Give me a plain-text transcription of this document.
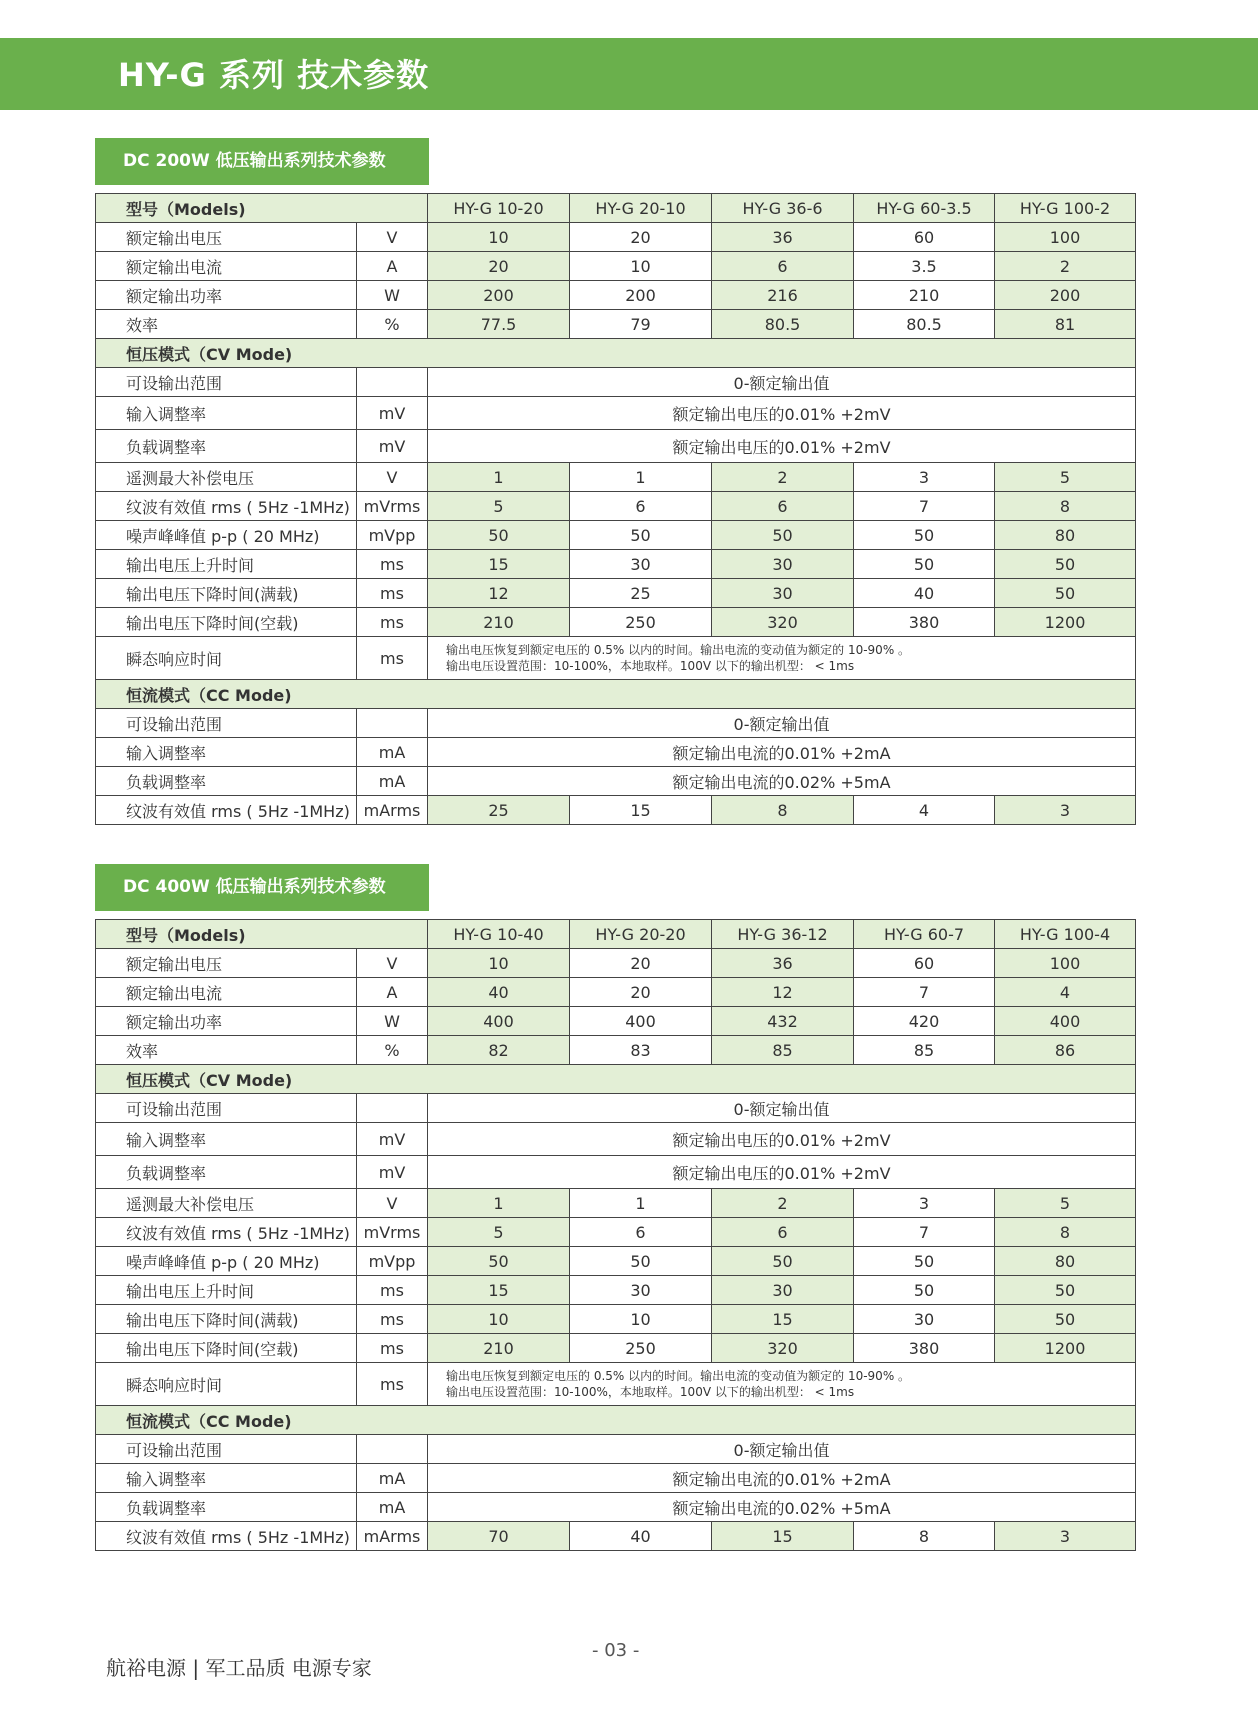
HY-G 系列 技术参数
DC 200W 低压输出系列技术参数
型号（Models)		HY-G 10-20	HY-G 20-10	HY-G 36-6	HY-G 60-3.5	HY-G 100-2
额定输出电压	V	10	20	36	60	100
额定输出电流	A	20	10	6	3.5	2
额定输出功率	W	200	200	216	210	200
效率	%	77.5	79	80.5	80.5	81
恒压模式（CV Mode)						
可设输出范围		0-额定输出值				
输入调整率	mV	额定输出电压的0.01% +2mV				
负载调整率	mV	额定输出电压的0.01% +2mV				
遥测最大补偿电压	V	1	1	2	3	5
纹波有效值 rms ( 5Hz -1MHz)	mVrms	5	6	6	7	8
噪声峰峰值 p-p ( 20 MHz)	mVpp	50	50	50	50	80
输出电压上升时间	ms	15	30	30	50	50
输出电压下降时间(满载)	ms	12	25	30	40	50
输出电压下降时间(空载)	ms	210	250	320	380	1200
瞬态响应时间	ms	输出电压恢复到额定电压的 0.5% 以内的时间。输出电流的变动值为额定的 10-90% 。
输出电压设置范围：10-100%，本地取样。100V 以下的输出机型： < 1ms				

恒流模式（CC Mode)						
可设输出范围		0-额定输出值				
输入调整率	mA	额定输出电流的0.01% +2mA				
负载调整率	mA	额定输出电流的0.02% +5mA				
纹波有效值 rms ( 5Hz -1MHz)	mArms	25	15	8	4	3
DC 400W 低压输出系列技术参数
型号（Models)		HY-G 10-40	HY-G 20-20	HY-G 36-12	HY-G 60-7	HY-G 100-4
额定输出电压	V	10	20	36	60	100
额定输出电流	A	40	20	12	7	4
额定输出功率	W	400	400	432	420	400
效率	%	82	83	85	85	86
恒压模式（CV Mode)						
可设输出范围		0-额定输出值				
输入调整率	mV	额定输出电压的0.01% +2mV				
负载调整率	mV	额定输出电压的0.01% +2mV				
遥测最大补偿电压	V	1	1	2	3	5
纹波有效值 rms ( 5Hz -1MHz)	mVrms	5	6	6	7	8
噪声峰峰值 p-p ( 20 MHz)	mVpp	50	50	50	50	80
输出电压上升时间	ms	15	30	30	50	50
输出电压下降时间(满载)	ms	10	10	15	30	50
输出电压下降时间(空载)	ms	210	250	320	380	1200
瞬态响应时间	ms	输出电压恢复到额定电压的 0.5% 以内的时间。输出电流的变动值为额定的 10-90% 。
输出电压设置范围：10-100%，本地取样。100V 以下的输出机型： < 1ms				

恒流模式（CC Mode)						
可设输出范围		0-额定输出值				
输入调整率	mA	额定输出电流的0.01% +2mA				
负载调整率	mA	额定输出电流的0.02% +5mA				
纹波有效值 rms ( 5Hz -1MHz)	mArms	70	40	15	8	3
- 03 -
航裕电源 | 军工品质 电源专家
